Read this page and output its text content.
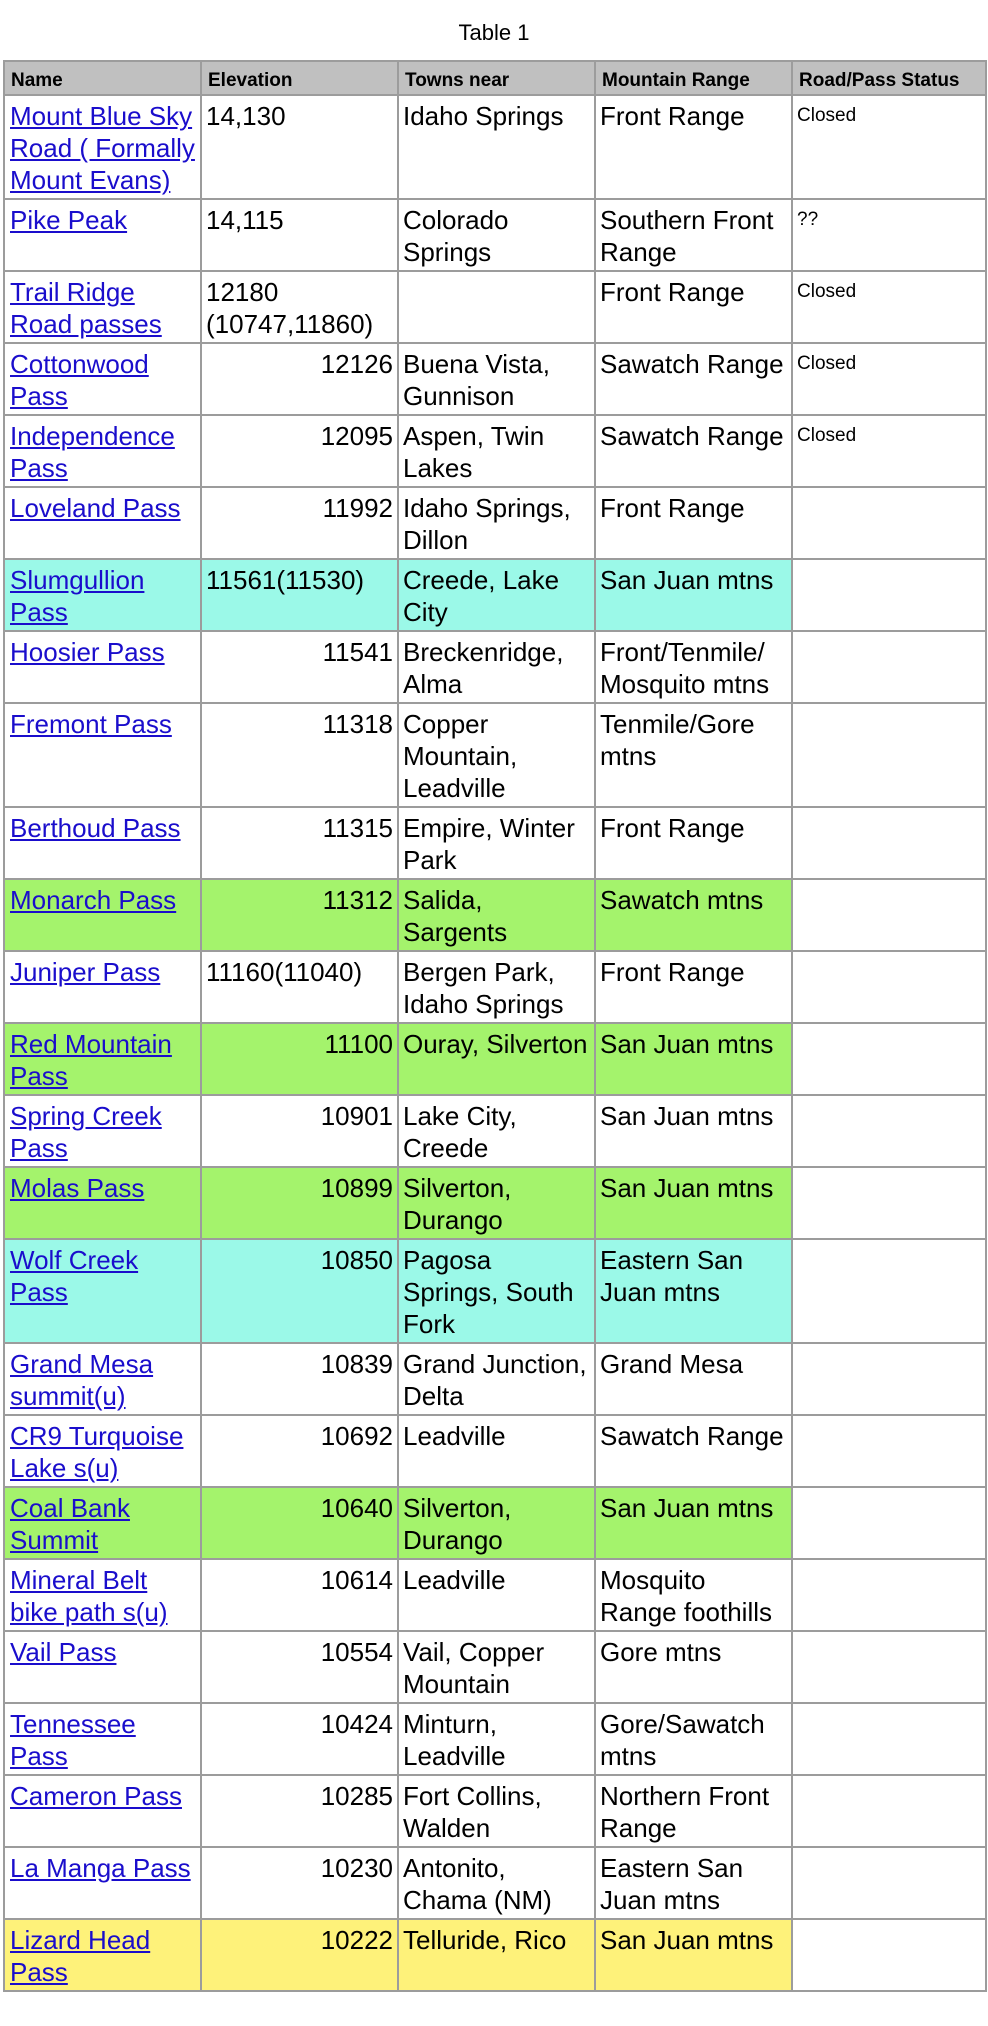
Table 1
Name	Elevation	Towns near	Mountain Range	Road/Pass Status
Mount Blue Sky Road ( Formally Mount Evans)	14,130	Idaho Springs	Front Range	Closed
Pike Peak	14,115	Colorado Springs	Southern Front Range	??
Trail Ridge Road passes	12180 (10747,11860)		Front Range	Closed
Cottonwood Pass	12126	Buena Vista, Gunnison	Sawatch Range	Closed
Independence Pass	12095	Aspen, Twin Lakes	Sawatch Range	Closed
Loveland Pass	11992	Idaho Springs, Dillon	Front Range	
Slumgullion Pass	11561(11530)	Creede, Lake City	San Juan mtns	
Hoosier Pass	11541	Breckenridge, Alma	Front/Tenmile/ Mosquito mtns	
Fremont Pass	11318	Copper Mountain, Leadville	Tenmile/Gore mtns	
Berthoud Pass	11315	Empire, Winter Park	Front Range	
Monarch Pass	11312	Salida, Sargents	Sawatch mtns	
Juniper Pass	11160(11040)	Bergen Park, Idaho Springs	Front Range	
Red Mountain Pass	11100	Ouray, Silverton	San Juan mtns	
Spring Creek Pass	10901	Lake City, Creede	San Juan mtns	
Molas Pass	10899	Silverton, Durango	San Juan mtns	
Wolf Creek Pass	10850	Pagosa Springs, South Fork	Eastern San Juan mtns	
Grand Mesa summit(u)	10839	Grand Junction, Delta	Grand Mesa	
CR9 Turquoise Lake s(u)	10692	Leadville	Sawatch Range	
Coal Bank Summit	10640	Silverton, Durango	San Juan mtns	
Mineral Belt bike path s(u)	10614	Leadville	Mosquito Range foothills	
Vail Pass	10554	Vail, Copper Mountain	Gore mtns	
Tennessee Pass	10424	Minturn, Leadville	Gore/Sawatch mtns	
Cameron Pass	10285	Fort Collins, Walden	Northern Front Range	
La Manga Pass	10230	Antonito, Chama (NM)	Eastern San Juan mtns	
Lizard Head Pass	10222	Telluride, Rico	San Juan mtns	
